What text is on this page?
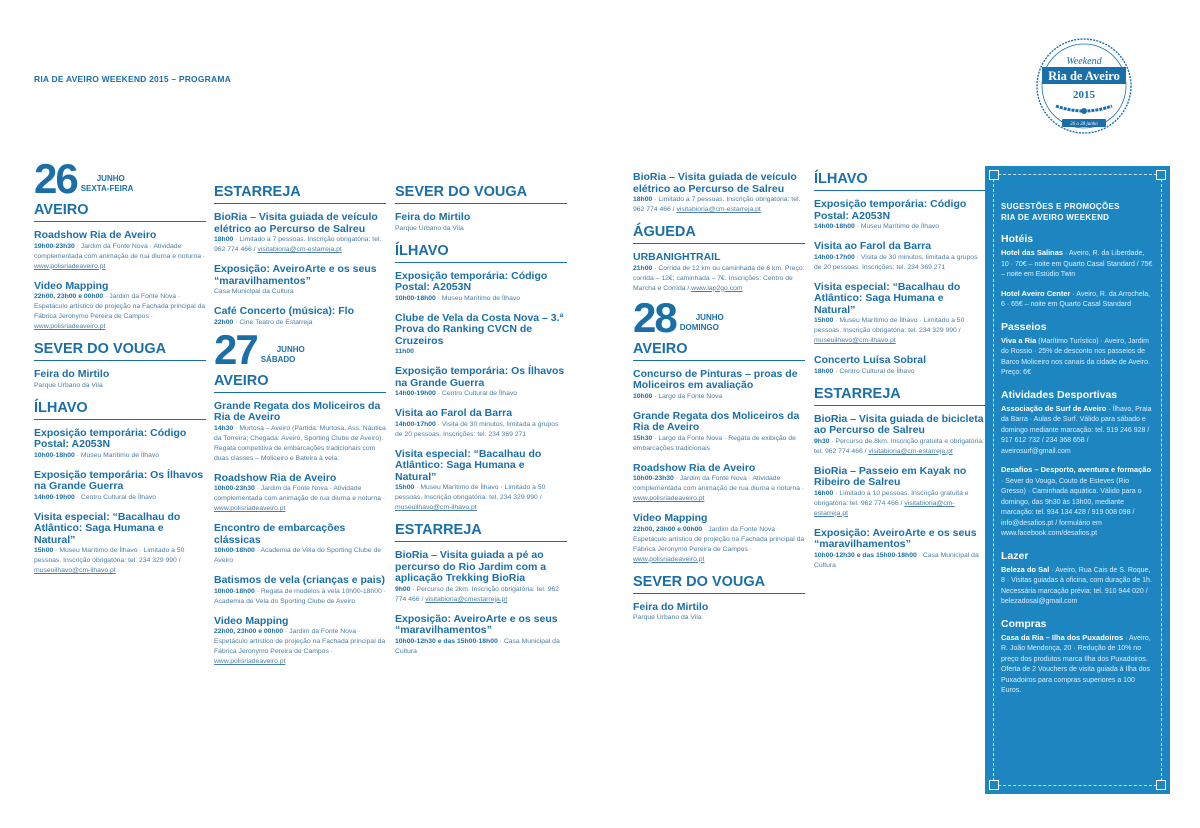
RIA DE AVEIRO WEEKEND 2015 – PROGRAMA
Weekend
Ria de Aveiro
2015
26 a 28 junho
26	JUNHO
SEXTA-FEIRA
AVEIRO
Roadshow Ria de Aveiro
19h00-23h30 · Jardim da Fonte Nova · Atividade complementada com animação de rua diurna e noturna · www.polisriadeaveiro.pt
Video Mapping
22h00, 23h00 e 00h00 · Jardim da Fonte Nova · Espetáculo artístico de projeção na Fachada principal da Fábrica Jeronymo Pereira de Campos · www.polisriadeaveiro.pt
SEVER DO VOUGA
Feira do Mirtilo
Parque Urbano da Vila
ÍLHAVO
Exposição temporária: Código Postal: A2053N
10h00-18h00 · Museu Marítimo de Ílhavo
Exposição temporária: Os Ílhavos na Grande Guerra
14h00-19h00 · Centro Cultural de Ílhavo
Visita especial: “Bacalhau do Atlântico: Saga Humana e Natural”
15h00 · Museu Marítimo de Ílhavo · Limitado a 50 pessoas. Inscrição obrigatória: tel. 234 329 990 / museuilhavo@cm-ilhavo.pt
ESTARREJA
BioRia – Visita guiada de veículo elétrico ao Percurso de Salreu
18h00 · Limitado a 7 pessoas. Inscrição obrigatória: tel. 962 774 466 / visitabioria@cm-estarreja.pt
Exposição: AveiroArte e os seus “maravilhamentos”
Casa Municipal da Cultura
Café Concerto (música): Flo
22h00 · Cine Teatro de Estarreja
27	JUNHO
SÁBADO
AVEIRO
Grande Regata dos Moliceiros da Ria de Aveiro
14h30 · Murtosa – Aveiro (Partida: Murtosa, Ass. Náutica da Torreira; Chegada: Aveiro, Sporting Clube de Aveiro). Regata competitiva de embarcações tradicionais com duas classes – Moliceiro e Bateira à vela.
Roadshow Ria de Aveiro
10h00-23h30 · Jardim da Fonte Nova · Atividade complementada com animação de rua diurna e noturna · www.polisriadeaveiro.pt
Encontro de embarcações clássicas
10h00-18h00 · Academia de Vela do Sporting Clube de Aveiro
Batismos de vela (crianças e pais)
10h00-18h00 · Regata de modelos à vela 10h00-18h00 · Academia de Vela do Sporting Clube de Aveiro
Video Mapping
22h00, 23h00 e 00h00 · Jardim da Fonte Nova · Espetáculo artístico de projeção na Fachada principal da Fábrica Jeronymo Pereira de Campos · www.polisriadeaveiro.pt
SEVER DO VOUGA
Feira do Mirtilo
Parque Urbano da Vila
ÍLHAVO
Exposição temporária: Código Postal: A2053N
10h00-18h00 · Museu Marítimo de Ílhavo
Clube de Vela da Costa Nova – 3.ª Prova do Ranking CVCN de Cruzeiros
11h00
Exposição temporária: Os Ílhavos na Grande Guerra
14h00-19h00 · Centro Cultural de Ílhavo
Visita ao Farol da Barra
14h00-17h00 · Visita de 30 minutos, limitada a grupos de 20 pessoas. Inscrições: tel. 234 369 271
Visita especial: “Bacalhau do Atlântico: Saga Humana e Natural”
15h00 · Museu Marítimo de Ílhavo · Limitado a 50 pessoas. Inscrição obrigatória: tel. 234 329 990 / museuilhavo@cm-ilhavo.pt
ESTARREJA
BioRia – Visita guiada a pé ao percurso do Rio Jardim com a aplicação Trekking BioRia
9h00 · Percurso de 2km. Inscrição obrigatória: tel. 962 774 466 / visitabioria@cmestarreja.pt
Exposição: AveiroArte e os seus “maravilhamentos”
10h00-12h30 e das 15h00-18h00 · Casa Municipal da Cultura
BioRia – Visita guiada de veículo elétrico ao Percurso de Salreu
18h00 · Limitado a 7 pessoas. Inscrição obrigatória: tel. 962 774 466 / visitabioria@cm-estarreja.pt
ÁGUEDA
URBANIGHTRAIL
21h00 · Corrida de 12 km ou caminhada de 6 km. Preço: corrida – 12€; caminhada – 7€. Inscrições: Centro de Marcha e Corrida / www.lap2go.com
28	JUNHO
DOMINGO
AVEIRO
Concurso de Pinturas – proas de Moliceiros em avaliação
10h00 · Largo da Fonte Nova
Grande Regata dos Moliceiros da Ria de Aveiro
15h30 · Largo da Fonte Nova · Regata de exibição de embarcações tradicionais
Roadshow Ria de Aveiro
10h00-23h30 · Jardim da Fonte Nova · Atividade complementada com animação de rua diurna e noturna · www.polisriadeaveiro.pt
Video Mapping
22h00, 23h00 e 00h00 · Jardim da Fonte Nova · Espetáculo artístico de projeção na Fachada principal da Fábrica Jeronymo Pereira de Campos · www.polisriadeaveiro.pt
SEVER DO VOUGA
Feira do Mirtilo
Parque Urbano da Vila
ÍLHAVO
Exposição temporária: Código Postal: A2053N
14h00-18h00 · Museu Marítimo de Ílhavo
Visita ao Farol da Barra
14h00-17h00 · Visita de 30 minutos, limitada a grupos de 20 pessoas. Inscrições: tel. 234 369 271
Visita especial: “Bacalhau do Atlântico: Saga Humana e Natural”
15h00 · Museu Marítimo de Ílhavo · Limitado a 50 pessoas. Inscrição obrigatória: tel. 234 329 990 / museuilhavo@cm-ilhavo.pt
Concerto Luísa Sobral
18h00 · Centro Cultural de Ílhavo
ESTARREJA
BioRia – Visita guiada de bicicleta ao Percurso de Salreu
9h30 · Percurso de 8km. Inscrição gratuita e obrigatória: tel. 962 774 466 / visitabioria@cm-estarreja.pt
BioRia – Passeio em Kayak no Ribeiro de Salreu
16h00 · Limitado a 10 pessoas. Inscrição gratuita e obrigatória: tel. 962 774 466 / visitabioria@cm-estarreja.pt
Exposição: AveiroArte e os seus “maravilhamentos”
10h00-12h30 e das 15h00-18h00 · Casa Municipal da Cultura
SUGESTÕES E PROMOÇÕES
RIA DE AVEIRO WEEKEND
Hotéis
Hotel das Salinas · Aveiro, R. da Liberdade, 10 · 70€ – noite em Quarto Casal Standard / 75€ – noite em Estúdio Twin
Hotel Aveiro Center · Aveiro, R. da Arrochela, 6 · 65€ – noite em Quarto Casal Standard
Passeios
Viva a Ria (Marítimo Turístico) · Aveiro, Jardim do Rossio · 25% de desconto nos passeios de Barco Moliceiro nos canais da cidade de Aveiro. Preço: 6€
Atividades Desportivas
Associação de Surf de Aveiro · Ílhavo, Praia da Barra · Aulas de Surf. Válido para sábado e domingo mediante marcação: tel. 919 246 928 / 917 612 732 / 234 368 658 / aveirosurf@gmail.com
Desafios – Desporto, aventura e formação · Sever do Vouga, Couto de Esteves (Rio Gresso) · Caminhada aquática. Válido para o domingo, das 9h30 às 13h00, mediante marcação: tel. 934 134 428 / 919 008 098 / info@desafios.pt / formulário em www.facebook.com/desafios.pt
Lazer
Beleza do Sal · Aveiro, Rua Cais de S. Roque, 8 · Visitas guiadas à oficina, com duração de 1h. Necessária marcação prévia: tel. 910 944 020 / belezadosal@gmail.com
Compras
Casa da Ria – Ilha dos Puxadoiros · Aveiro, R. João Mendonça, 20 · Redução de 10% no preço dos produtos marca Ilha dos Puxadoiros. Oferta de 2 Vouchers de visita guiada à Ilha dos Puxadoiros para compras superiores a 100 Euros.
